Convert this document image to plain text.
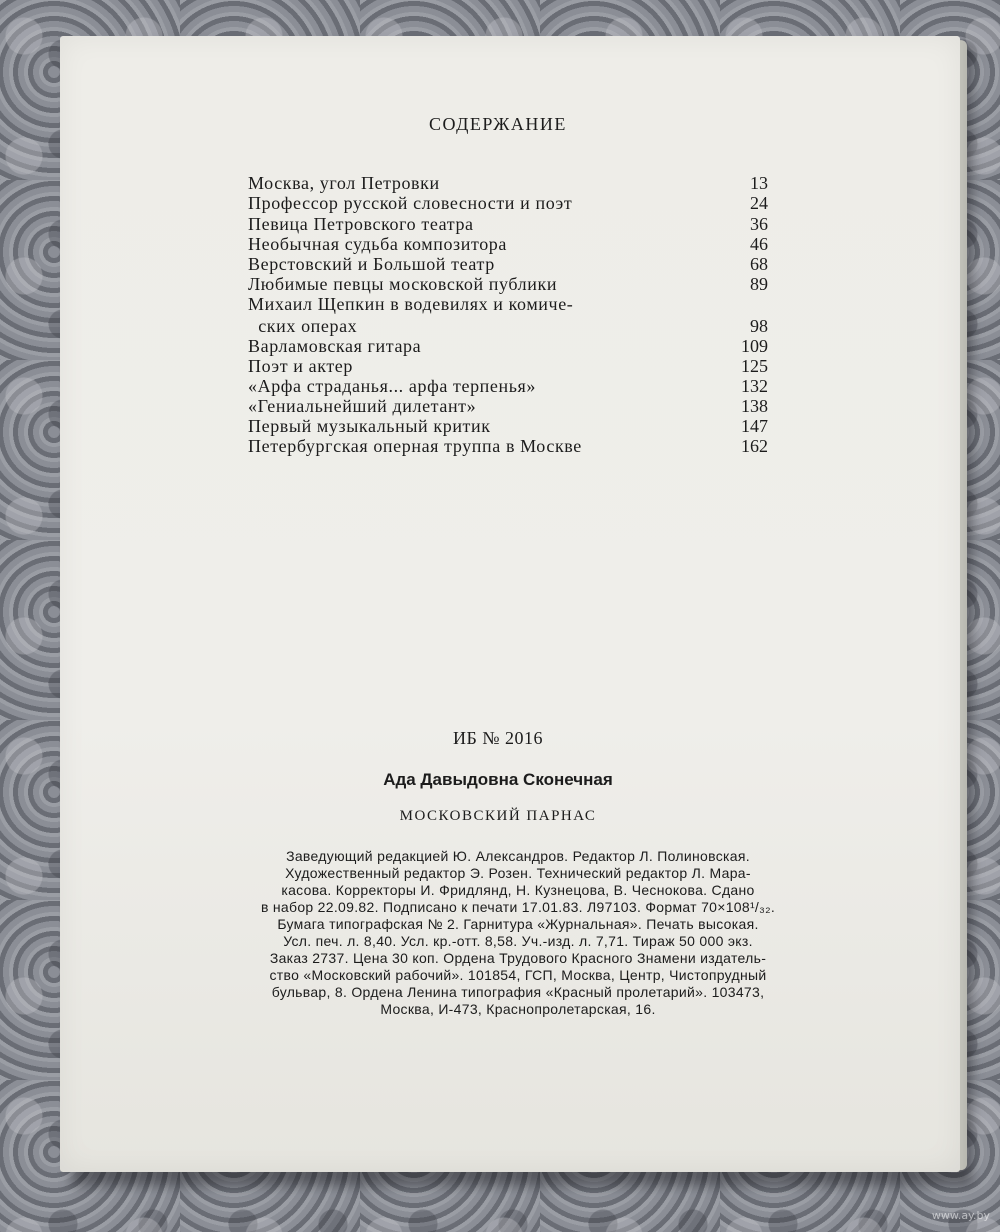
СОДЕРЖАНИЕ
Москва, угол Петровки	13
Профессор русской словесности и поэт	24
Певица Петровского театра	36
Необычная судьба композитора	46
Верстовский и Большой театр	68
Любимые певцы московской публики	89
Михаил Щепкин в водевилях и комиче-
ских операх	98
Варламовская гитара	109
Поэт и актер	125
«Арфа страданья... арфа терпенья»	132
«Гениальнейший дилетант»	138
Первый музыкальный критик	147
Петербургская оперная труппа в Москве	162
ИБ № 2016
Ада Давыдовна Сконечная
МОСКОВСКИЙ ПАРНАС
Заведующий редакцией Ю. Александров. Редактор Л. Полиновская.
Художественный редактор Э. Розен. Технический редактор Л. Мара-
касова. Корректоры И. Фридлянд, Н. Кузнецова, В. Чеснокова. Сдано
в набор 22.09.82. Подписано к печати 17.01.83. Л97103. Формат 70×108¹/₃₂.
Бумага типографская № 2. Гарнитура «Журнальная». Печать высокая.
Усл. печ. л. 8,40. Усл. кр.-отт. 8,58. Уч.-изд. л. 7,71. Тираж 50 000 экз.
Заказ 2737. Цена 30 коп. Ордена Трудового Красного Знамени издатель-
ство «Московский рабочий». 101854, ГСП, Москва, Центр, Чистопрудный
бульвар, 8. Ордена Ленина типография «Красный пролетарий». 103473,
Москва, И-473, Краснопролетарская, 16.
www.ay.by
